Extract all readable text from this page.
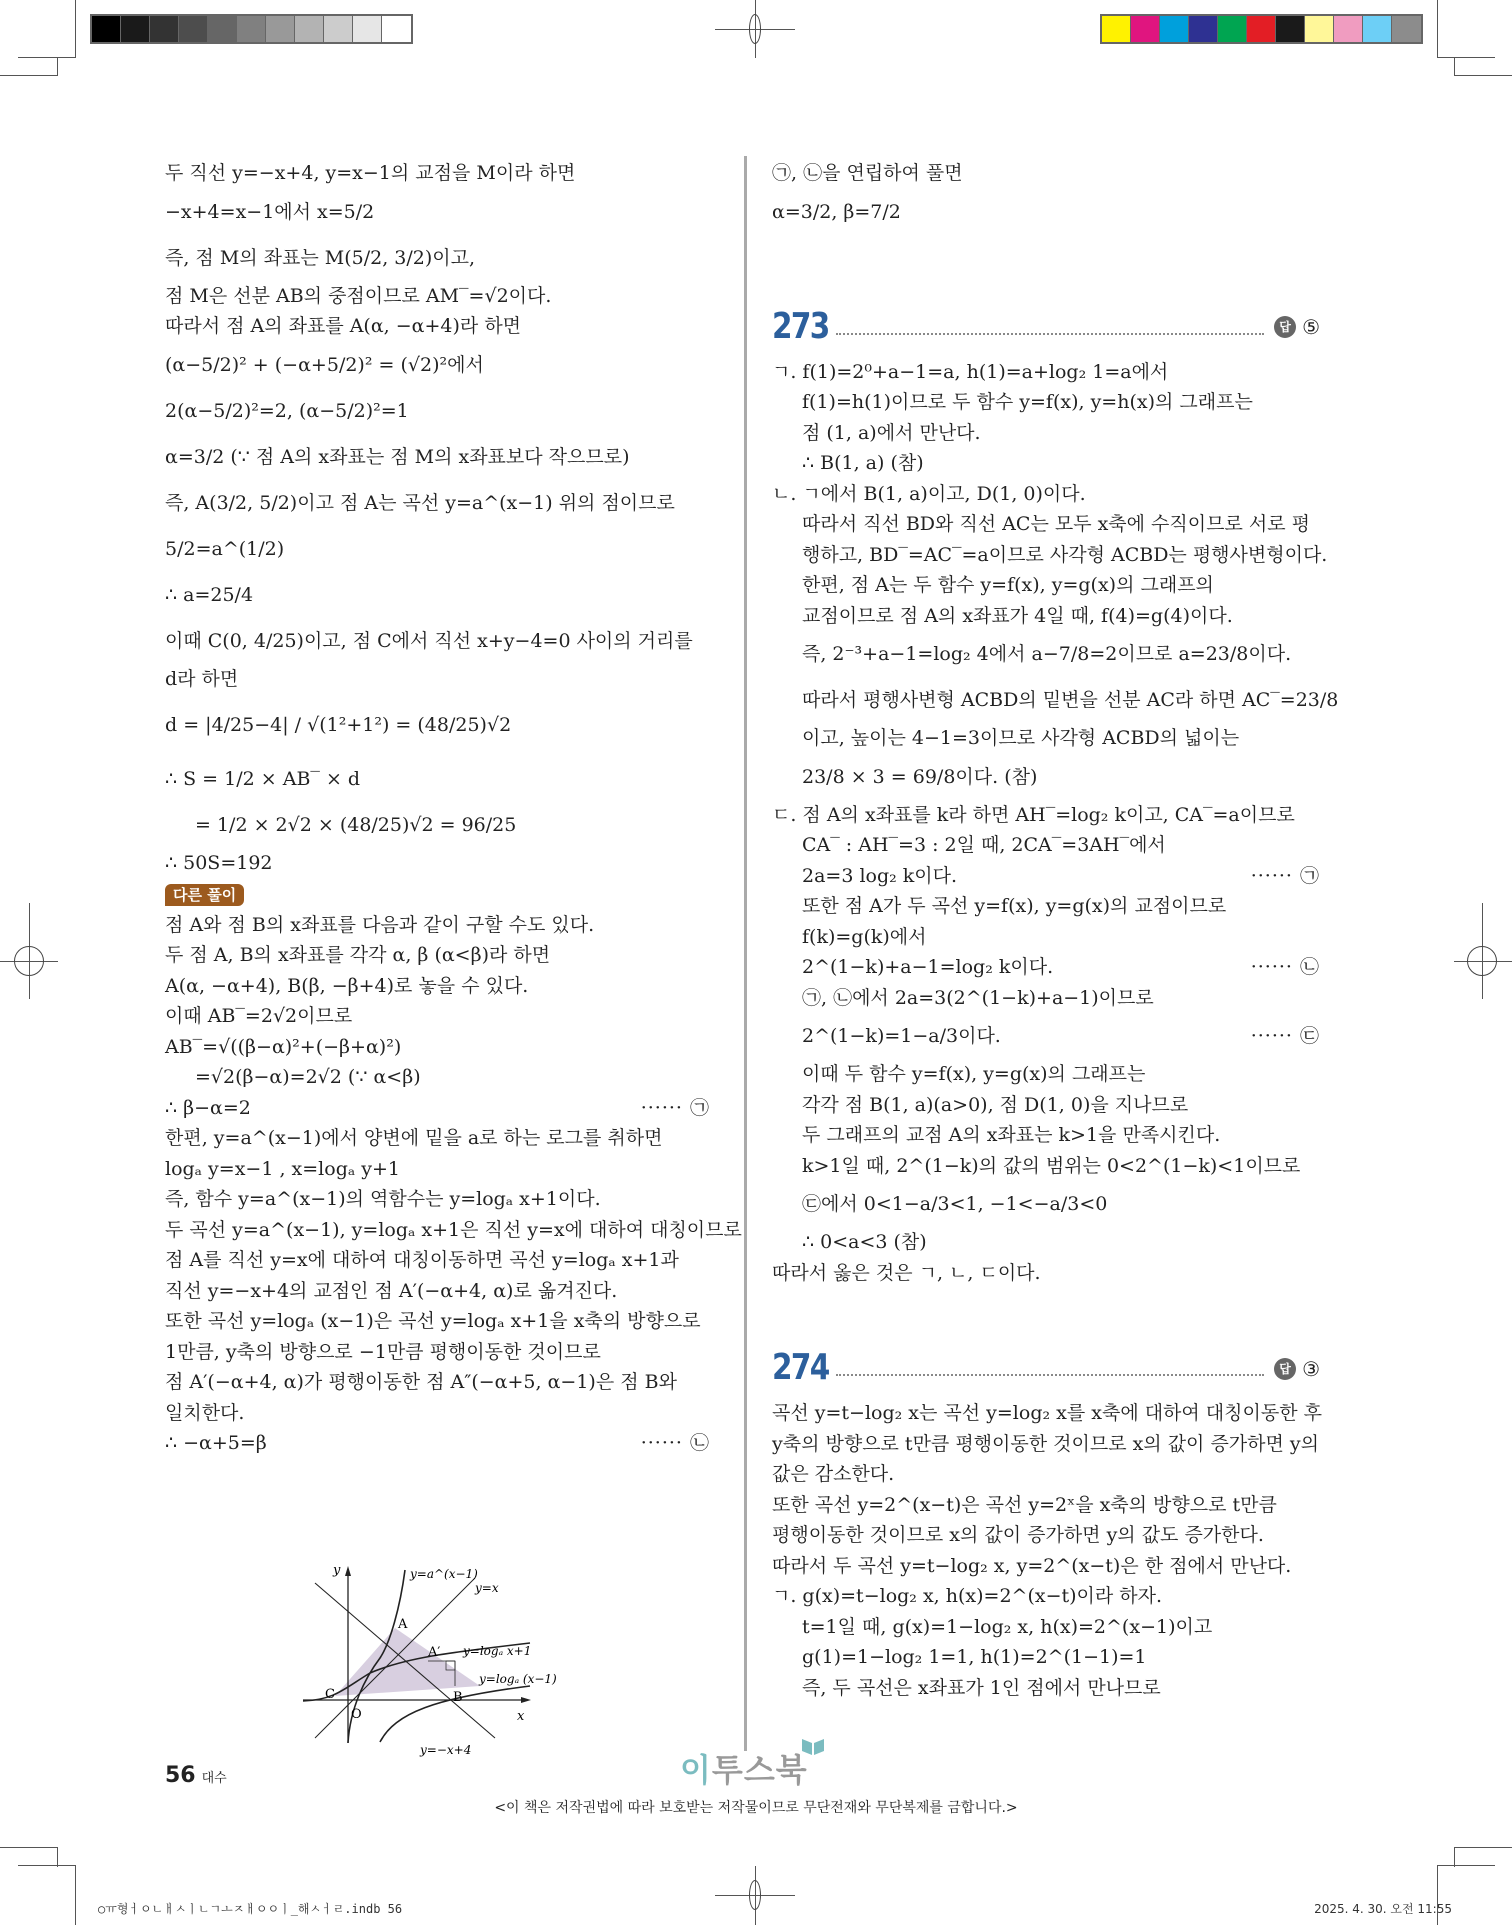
두 직선 y=−x+4, y=x−1의 교점을 M이라 하면
−x+4=x−1에서 x=5/2
즉, 점 M의 좌표는 M(5/2, 3/2)이고,
점 M은 선분 AB의 중점이므로 AM‾=√2이다.
따라서 점 A의 좌표를 A(α, −α+4)라 하면
(α−5/2)² + (−α+5/2)² = (√2)²에서
2(α−5/2)²=2, (α−5/2)²=1
α=3/2 (∵ 점 A의 x좌표는 점 M의 x좌표보다 작으므로)
즉, A(3/2, 5/2)이고 점 A는 곡선 y=a^(x−1) 위의 점이므로
5/2=a^(1/2)
∴ a=25/4
이때 C(0, 4/25)이고, 점 C에서 직선 x+y−4=0 사이의 거리를
d라 하면
d = |4/25−4| / √(1²+1²) = (48/25)√2
∴ S = 1/2 × AB‾ × d
= 1/2 × 2√2 × (48/25)√2 = 96/25
∴ 50S=192
다른 풀이
점 A와 점 B의 x좌표를 다음과 같이 구할 수도 있다.
두 점 A, B의 x좌표를 각각 α, β (α<β)라 하면
A(α, −α+4), B(β, −β+4)로 놓을 수 있다.
이때 AB‾=2√2이므로
AB‾=√((β−α)²+(−β+α)²)
=√2(β−α)=2√2 (∵ α<β)
∴ β−α=2	······ ㉠
한편, y=a^(x−1)에서 양변에 밑을 a로 하는 로그를 취하면
logₐ y=x−1 , x=logₐ y+1
즉, 함수 y=a^(x−1)의 역함수는 y=logₐ x+1이다.
두 곡선 y=a^(x−1), y=logₐ x+1은 직선 y=x에 대하여 대칭이므로
점 A를 직선 y=x에 대하여 대칭이동하면 곡선 y=logₐ x+1과
직선 y=−x+4의 교점인 점 A′(−α+4, α)로 옮겨진다.
또한 곡선 y=logₐ (x−1)은 곡선 y=logₐ x+1을 x축의 방향으로
1만큼, y축의 방향으로 −1만큼 평행이동한 것이므로
점 A′(−α+4, α)가 평행이동한 점 A″(−α+5, α−1)은 점 B와
일치한다.
∴ −α+5=β	······ ㉡
y
x
O
y=a^(x−1)
y=x
y=logₐ x+1
y=logₐ (x−1)
y=−x+4
A
A′
B
C
㉠, ㉡을 연립하여 풀면
α=3/2, β=7/2
273	답 ⑤
ㄱ. f(1)=2⁰+a−1=a, h(1)=a+log₂ 1=a에서
f(1)=h(1)이므로 두 함수 y=f(x), y=h(x)의 그래프는
점 (1, a)에서 만난다.
∴ B(1, a) (참)
ㄴ. ㄱ에서 B(1, a)이고, D(1, 0)이다.
따라서 직선 BD와 직선 AC는 모두 x축에 수직이므로 서로 평
행하고, BD‾=AC‾=a이므로 사각형 ACBD는 평행사변형이다.
한편, 점 A는 두 함수 y=f(x), y=g(x)의 그래프의
교점이므로 점 A의 x좌표가 4일 때, f(4)=g(4)이다.
즉, 2⁻³+a−1=log₂ 4에서 a−7/8=2이므로 a=23/8이다.
따라서 평행사변형 ACBD의 밑변을 선분 AC라 하면 AC‾=23/8
이고, 높이는 4−1=3이므로 사각형 ACBD의 넓이는
23/8 × 3 = 69/8이다. (참)
ㄷ. 점 A의 x좌표를 k라 하면 AH‾=log₂ k이고, CA‾=a이므로
CA‾ : AH‾=3 : 2일 때, 2CA‾=3AH‾에서
2a=3 log₂ k이다.	······ ㉠
또한 점 A가 두 곡선 y=f(x), y=g(x)의 교점이므로
f(k)=g(k)에서
2^(1−k)+a−1=log₂ k이다.	······ ㉡
㉠, ㉡에서 2a=3(2^(1−k)+a−1)이므로
2^(1−k)=1−a/3이다.	······ ㉢
이때 두 함수 y=f(x), y=g(x)의 그래프는
각각 점 B(1, a)(a>0), 점 D(1, 0)을 지나므로
두 그래프의 교점 A의 x좌표는 k>1을 만족시킨다.
k>1일 때, 2^(1−k)의 값의 범위는 0<2^(1−k)<1이므로
㉢에서 0<1−a/3<1, −1<−a/3<0
∴ 0<a<3 (참)
따라서 옳은 것은 ㄱ, ㄴ, ㄷ이다.
274	답 ③
곡선 y=t−log₂ x는 곡선 y=log₂ x를 x축에 대하여 대칭이동한 후
y축의 방향으로 t만큼 평행이동한 것이므로 x의 값이 증가하면 y의
값은 감소한다.
또한 곡선 y=2^(x−t)은 곡선 y=2ˣ을 x축의 방향으로 t만큼
평행이동한 것이므로 x의 값이 증가하면 y의 값도 증가한다.
따라서 두 곡선 y=t−log₂ x, y=2^(x−t)은 한 점에서 만난다.
ㄱ. g(x)=t−log₂ x, h(x)=2^(x−t)이라 하자.
t=1일 때, g(x)=1−log₂ x, h(x)=2^(x−1)이고
g(1)=1−log₂ 1=1, h(1)=2^(1−1)=1
즉, 두 곡선은 x좌표가 1인 점에서 만나므로
56 대수	이투스북
<이 책은 저작권법에 따라 보호받는 저작물이므로 무단전재와 무단복제를 금합니다.>
○ㅠ형ㅓㅇㄴㅐㅅㅣㄴㄱㅗㅈㅐㅇㅇㅣ_해ㅅㅓㄹ.indb 56	2025. 4. 30. 오전 11:55
